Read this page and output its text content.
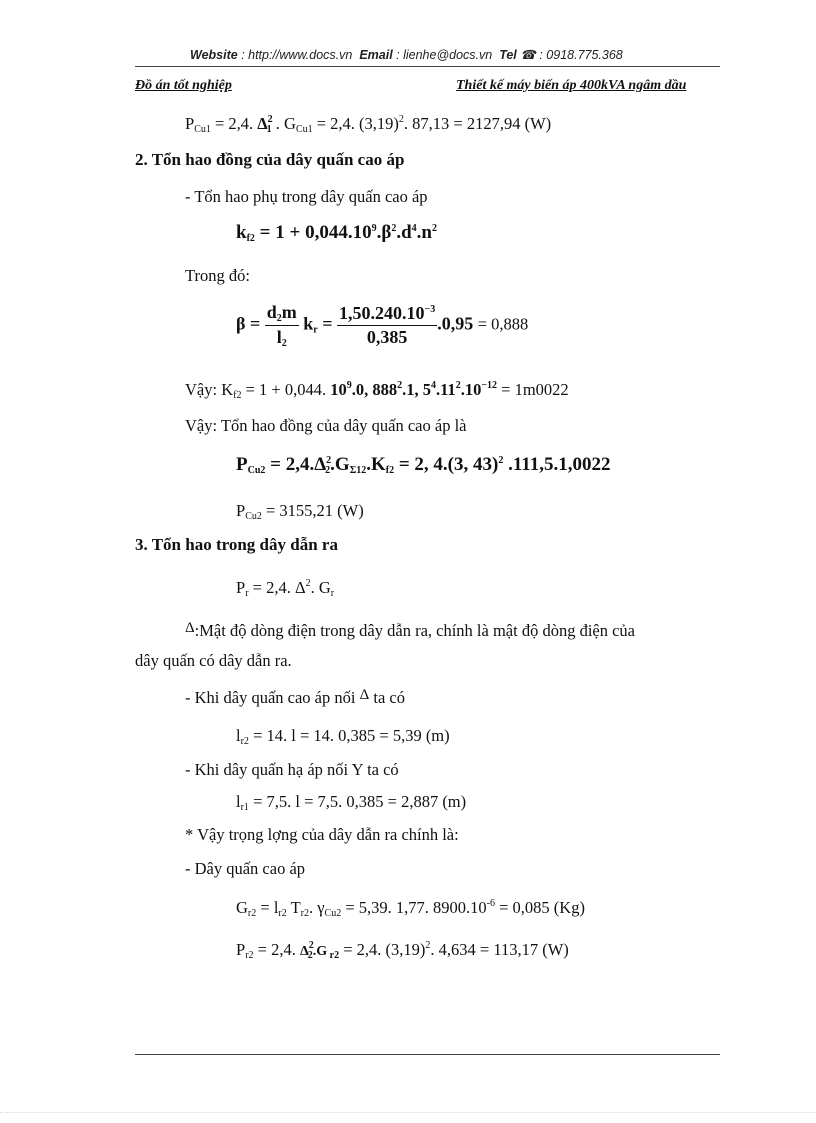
Website : http://www.docs.vn Email : lienhe@docs.vn Tel ☎ : 0918.775.368
Đồ án tốt nghiệp	Thiết kế máy biến áp 400kVA ngâm dầu
$P_{Cu1} = 2,4$. $\Delta^2_1$ . $G_{Cu1} = 2,4$. $(3,19)^2$. 87,13 = 2127,94 (W)
2. Tổn hao đồng của dây quấn cao áp
- Tổn hao phụ trong dây quấn cao áp
$k_{f2} = 1 + 0,044.10^9.\beta^2.d^4.n^2$
Trong đó:
$\beta = \frac{d_2m}{l_2} k_r = \frac{1,50.240.10^{-3}}{0,385} .0,95 = 0,888$
Vậy: $K_{f2} = 1 + 0,044$. $10^9.0$, $888^2.1$, $5^4.11^2.10^{-12} = 1m0022$
Vậy: Tổn hao đồng của dây quấn cao áp là
$P_{Cu2} = 2,4.\Delta^2_2.G_{\Sigma 12}.K_{f2} = 2$, 4.(3, 43)$^2$ .111,5.1,0022
$P_{Cu2} = 3155,21$ (W)
3. Tổn hao trong dây dẫn ra
$P_r = 2,4$. $\Delta^2$. $G_r$
Δ:Mật độ dòng điện trong dây dẫn ra, chính là mật độ dòng điện của
dây quấn có dây dẫn ra.
- Khi dây quấn cao áp nối Δ ta có
$l_{r2} = 14$. l = 14. 0,385 = 5,39 (m)
- Khi dây quấn hạ áp nối Y ta có
$l_{r1} = 7,5$. l = 7,5. 0,385 = 2,887 (m)
* Vậy trọng lợng của dây dẫn ra chính là:
- Dây quấn cao áp
$G_{r2} = l_{r2}$ $T_{r2}$. $\gamma_{Cu2} = 5,39$. 1,77. $8900.10^{-6} = 0,085$ (Kg)
$P_{r2} = 2,4$. $\Delta^2_2.G$ $_{r2}$ = 2,4. $(3,19)^2$. 4,634 = 113,17 (W)
